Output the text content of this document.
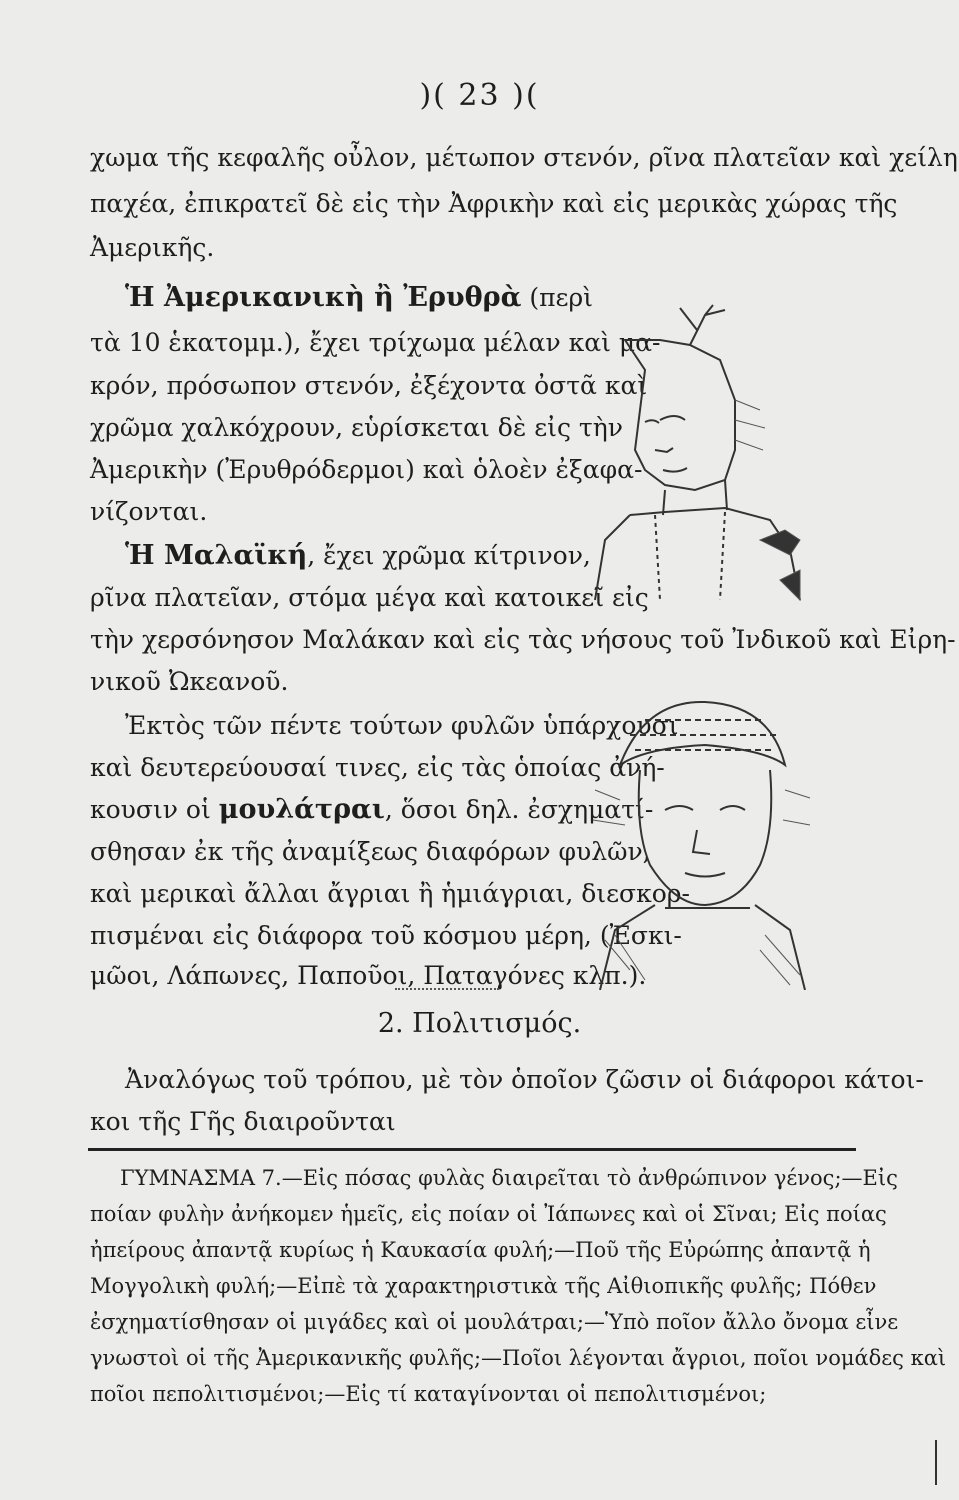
)( 23 )(
χωμα τῆς κεφαλῆς οὖλον, μέτωπον στενόν, ρῖνα πλατεῖαν καὶ χείλη
παχέα, ἐπικρατεῖ δὲ εἰς τὴν Ἀφρικὴν καὶ εἰς μερικὰς χώρας τῆς
Ἀμερικῆς.
Ἡ Ἀμερικανικὴ ἢ Ἐρυθρὰ (περὶ
τὰ 10 ἑκατομμ.), ἔχει τρίχωμα μέλαν καὶ μα-
κρόν, πρόσωπον στενόν, ἐξέχοντα ὀστᾶ καὶ
χρῶμα χαλκόχρουν, εὑρίσκεται δὲ εἰς τὴν
Ἀμερικὴν (Ἐρυθρόδερμοι) καὶ ὁλοὲν ἐξαφα-
νίζονται.
Ἡ Μαλαϊκή, ἔχει χρῶμα κίτρινον,
ρῖνα πλατεῖαν, στόμα μέγα καὶ κατοικεῖ εἰς
τὴν χερσόνησον Μαλάκαν καὶ εἰς τὰς νήσους τοῦ Ἰνδικοῦ καὶ Εἰρη-
νικοῦ Ὠκεανοῦ.
Ἐκτὸς τῶν πέντε τούτων φυλῶν ὑπάρχουσι
καὶ δευτερεύουσαί τινες, εἰς τὰς ὁποίας ἀνή-
κουσιν οἱ μουλάτραι, ὅσοι δηλ. ἐσχηματί-
σθησαν ἐκ τῆς ἀναμίξεως διαφόρων φυλῶν,
καὶ μερικαὶ ἄλλαι ἄγριαι ἢ ἡμιάγριαι, διεσκορ-
πισμέναι εἰς διάφορα τοῦ κόσμου μέρη, (Ἐσκι-
μῶοι, Λάπωνες, Παποῦοι, Παταγόνες κλπ.).
2. Πολιτισμός.
Ἀναλόγως τοῦ τρόπου, μὲ τὸν ὁποῖον ζῶσιν οἱ διάφοροι κάτοι-
κοι τῆς Γῆς διαιροῦνται
ΓΥΜΝΑΣΜΑ 7.—Εἰς πόσας φυλὰς διαιρεῖται τὸ ἀνθρώπινον γένος;—Εἰς
ποίαν φυλὴν ἀνήκομεν ἡμεῖς, εἰς ποίαν οἱ Ἰάπωνες καὶ οἱ Σῖναι; Εἰς ποίας
ἠπείρους ἀπαντᾷ κυρίως ἡ Καυκασία φυλή;—Ποῦ τῆς Εὐρώπης ἀπαντᾷ ἡ
Μογγολικὴ φυλή;—Εἰπὲ τὰ χαρακτηριστικὰ τῆς Αἰθιοπικῆς φυλῆς; Πόθεν
ἐσχηματίσθησαν οἱ μιγάδες καὶ οἱ μουλάτραι;—Ὑπὸ ποῖον ἄλλο ὄνομα εἶνε
γνωστοὶ οἱ τῆς Ἀμερικανικῆς φυλῆς;—Ποῖοι λέγονται ἄγριοι, ποῖοι νομάδες καὶ
ποῖοι πεπολιτισμένοι;—Εἰς τί καταγίνονται οἱ πεπολιτισμένοι;
